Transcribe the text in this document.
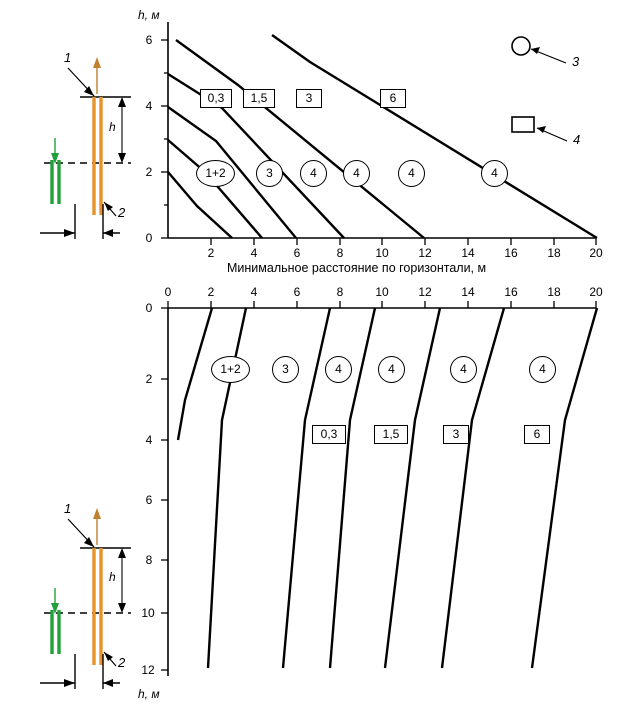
h, м
6
4
2
0
2	4	6	8	10 12 14 16 18 20
Минимальное расстояние по горизонтали, м
0	2	4	6	8	10 12 14 16 18 20
0
2
4
6
8
10
12
h, м
3
4
0,3	1,5	3	6
1+2	3	4	4	4	4
1+2	3	4	4	4	4
0,3	1,5	3	6
1
2
h
1
2
h
